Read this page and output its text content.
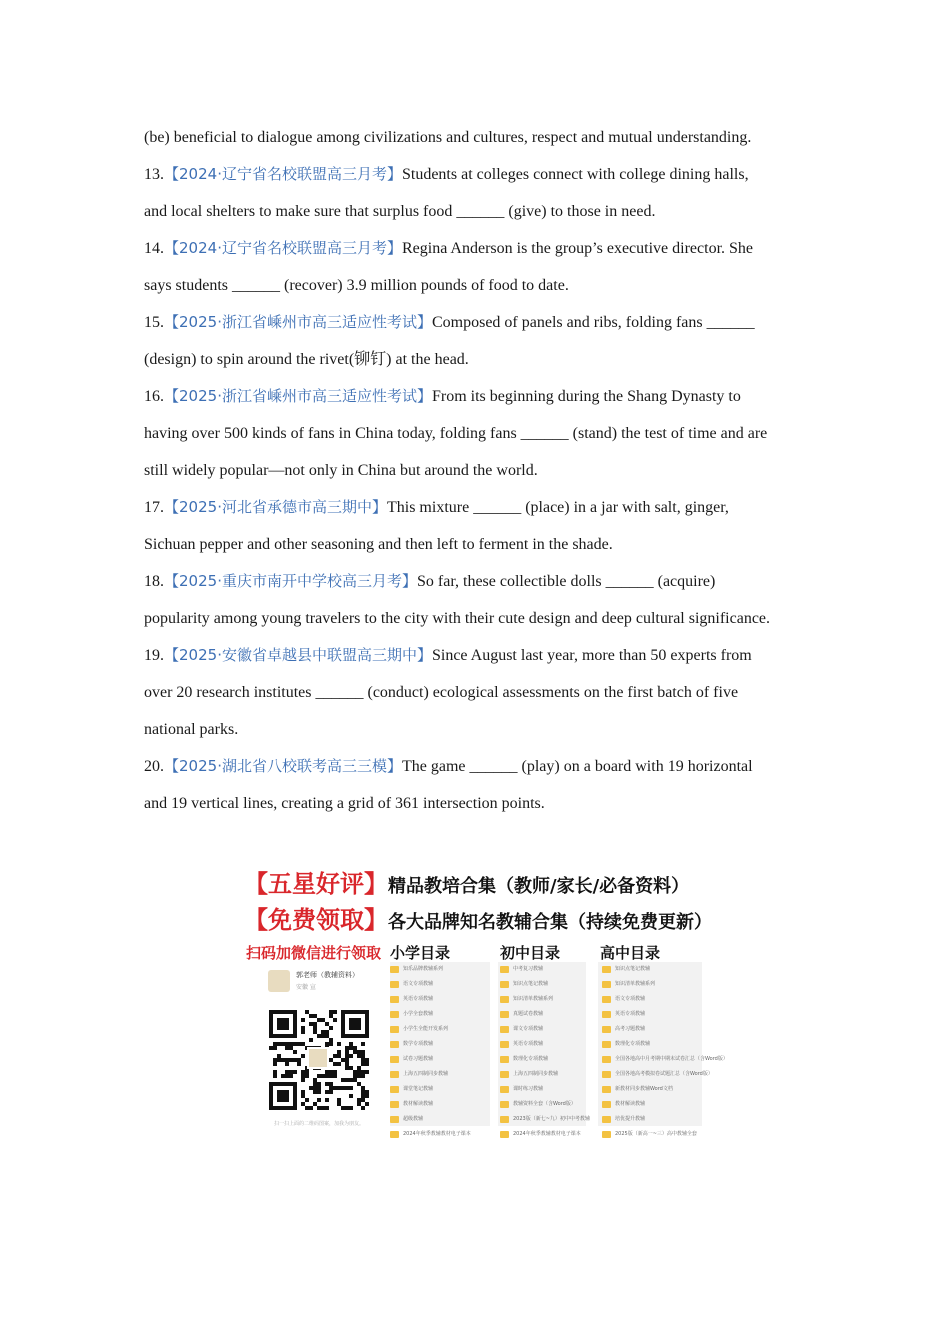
(be) beneficial to dialogue among civilizations and cultures, respect and mutual understanding.
13.【2024·辽宁省名校联盟高三月考】Students at colleges connect with college dining halls,
and local shelters to make sure that surplus food ______ (give) to those in need.
14.【2024·辽宁省名校联盟高三月考】Regina Anderson is the group’s executive director. She
says students ______ (recover) 3.9 million pounds of food to date.
15.【2025·浙江省嵊州市高三适应性考试】Composed of panels and ribs, folding fans ______
(design) to spin around the rivet(铆钉) at the head.
16.【2025·浙江省嵊州市高三适应性考试】From its beginning during the Shang Dynasty to
having over 500 kinds of fans in China today, folding fans ______ (stand) the test of time and are
still widely popular—not only in China but around the world.
17.【2025·河北省承德市高三期中】This mixture ______ (place) in a jar with salt, ginger,
Sichuan pepper and other seasoning and then left to ferment in the shade.
18.【2025·重庆市南开中学校高三月考】So far, these collectible dolls ______ (acquire)
popularity among young travelers to the city with their cute design and deep cultural significance.
19.【2025·安徽省卓越县中联盟高三期中】Since August last year, more than 50 experts from
over 20 research institutes ______ (conduct) ecological assessments on the first batch of five
national parks.
20.【2025·湖北省八校联考高三三模】The game ______ (play) on a board with 19 horizontal
and 19 vertical lines, creating a grid of 361 intersection points.
【五星好评】精品教培合集（教师/家长/必备资料）
【免费领取】各大品牌知名教辅合集（持续免费更新）
扫码加微信进行领取
郭老师（教辅资料）
安徽 宣
扫一扫上面的二维码图案，加我为朋友。
小学目录	初中目录	高中目录
知乐品牌教辅系列
语文专项教辅
英语专项教辅
小学全套教辅
小学生全能开发系列
数学专项教辅
试卷习题教辅
上海五四制同步教辅
课堂笔记教辅
教材解读教辅
超级教辅
2024年秋季教辅教材电子课本
中考复习教辅
知识点笔记教辅
知识清单教辅系列
真题试卷教辅
课文专项教辅
英语专项教辅
数理化专项教辅
上海五四制同步教辅
课时练习教辅
教辅资料全套（含Word版）
2023版（新七~九）初中中考教辅
2024年秋季教辅教材电子课本
知识点笔记教辅
知识清单教辅系列
语文专项教辅
英语专项教辅
高考习题教辅
数理化专项教辅
全国各地高中月考期中期末试卷汇总（含Word版）
全国各地高考模拟卷试题汇总（含Word版）
新教材同步教辅Word文档
教材解读教辅
培优提升教辅
2025版（新高一~三）高中教辅全套
